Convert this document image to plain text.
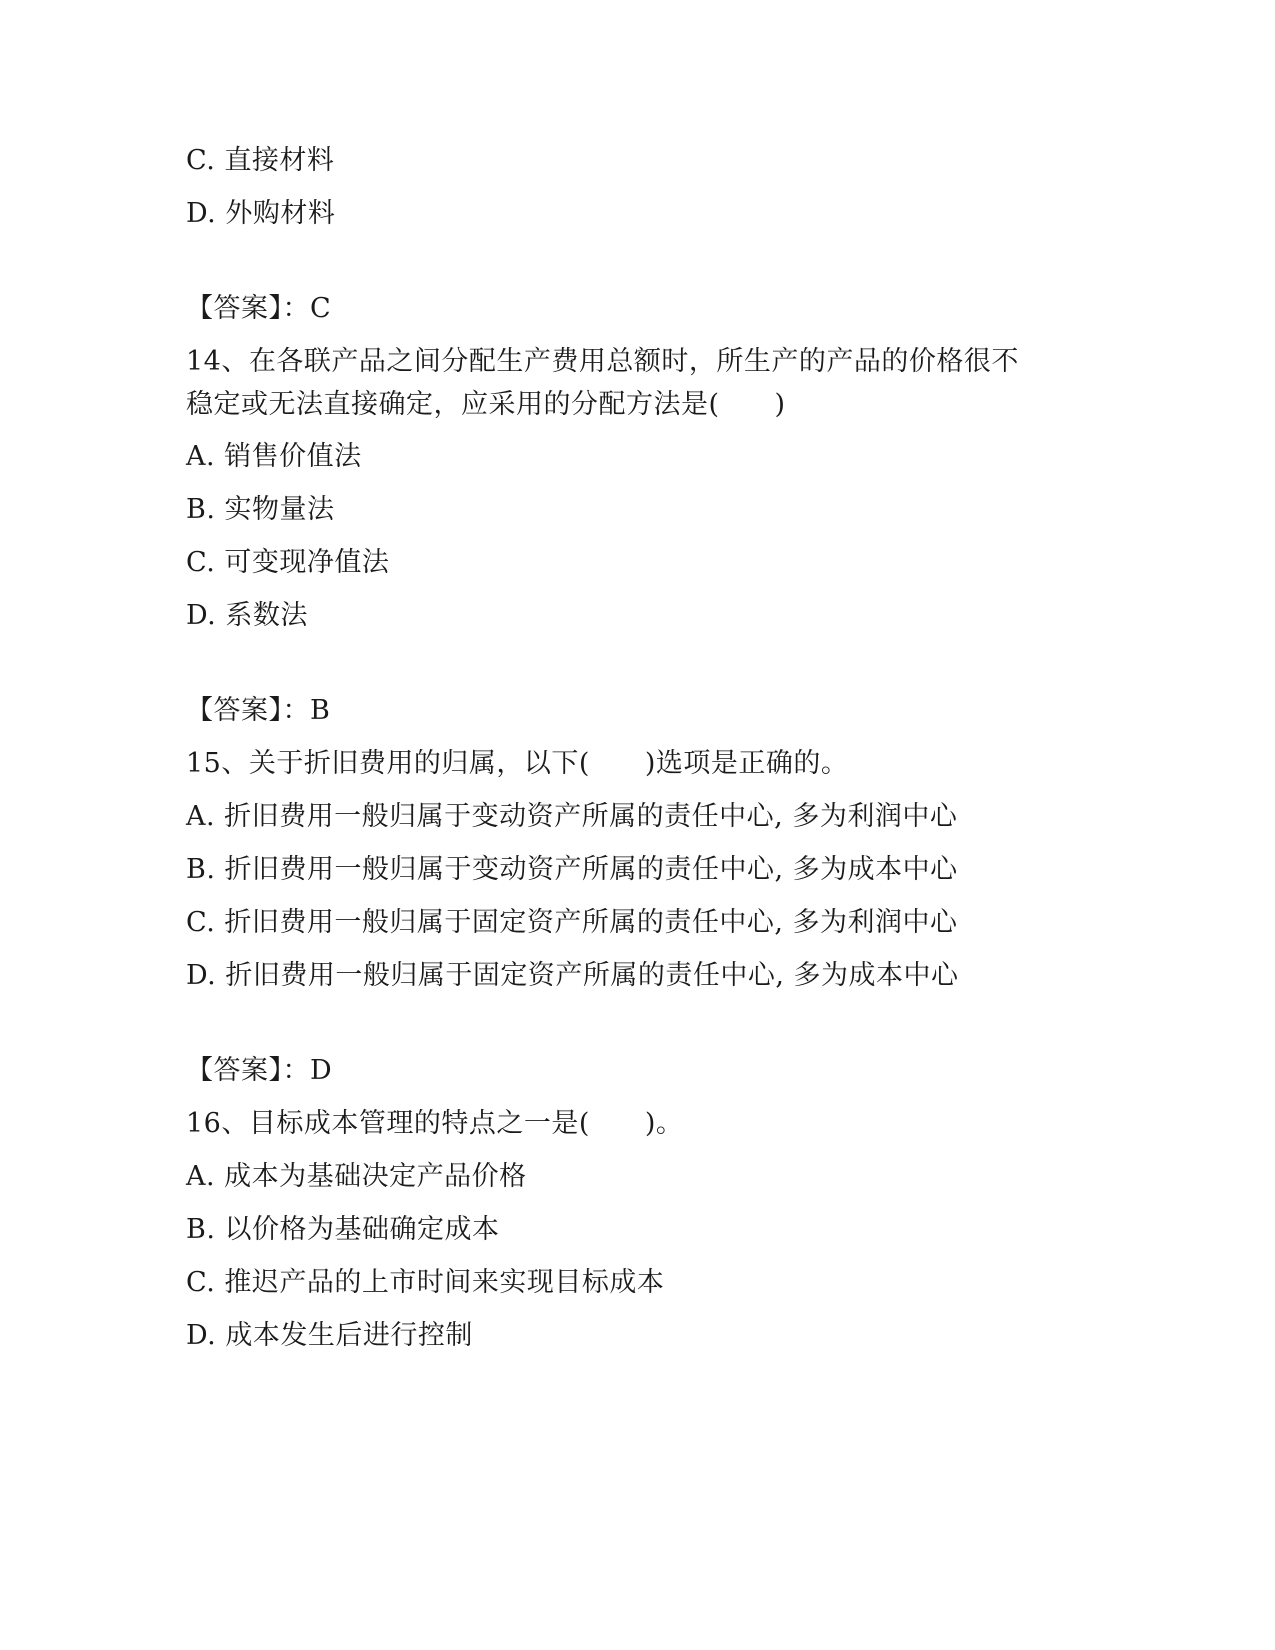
C. 直接材料
D. 外购材料
【答案】：C
14、在各联产品之间分配生产费用总额时，所生产的产品的价格很不
稳定或无法直接确定，应采用的分配方法是(　　)
A. 销售价值法
B. 实物量法
C. 可变现净值法
D. 系数法
【答案】：B
15、关于折旧费用的归属，以下(　　)选项是正确的。
A. 折旧费用一般归属于变动资产所属的责任中心, 多为利润中心
B. 折旧费用一般归属于变动资产所属的责任中心, 多为成本中心
C. 折旧费用一般归属于固定资产所属的责任中心, 多为利润中心
D. 折旧费用一般归属于固定资产所属的责任中心, 多为成本中心
【答案】：D
16、目标成本管理的特点之一是(　　)。
A. 成本为基础决定产品价格
B. 以价格为基础确定成本
C. 推迟产品的上市时间来实现目标成本
D. 成本发生后进行控制
